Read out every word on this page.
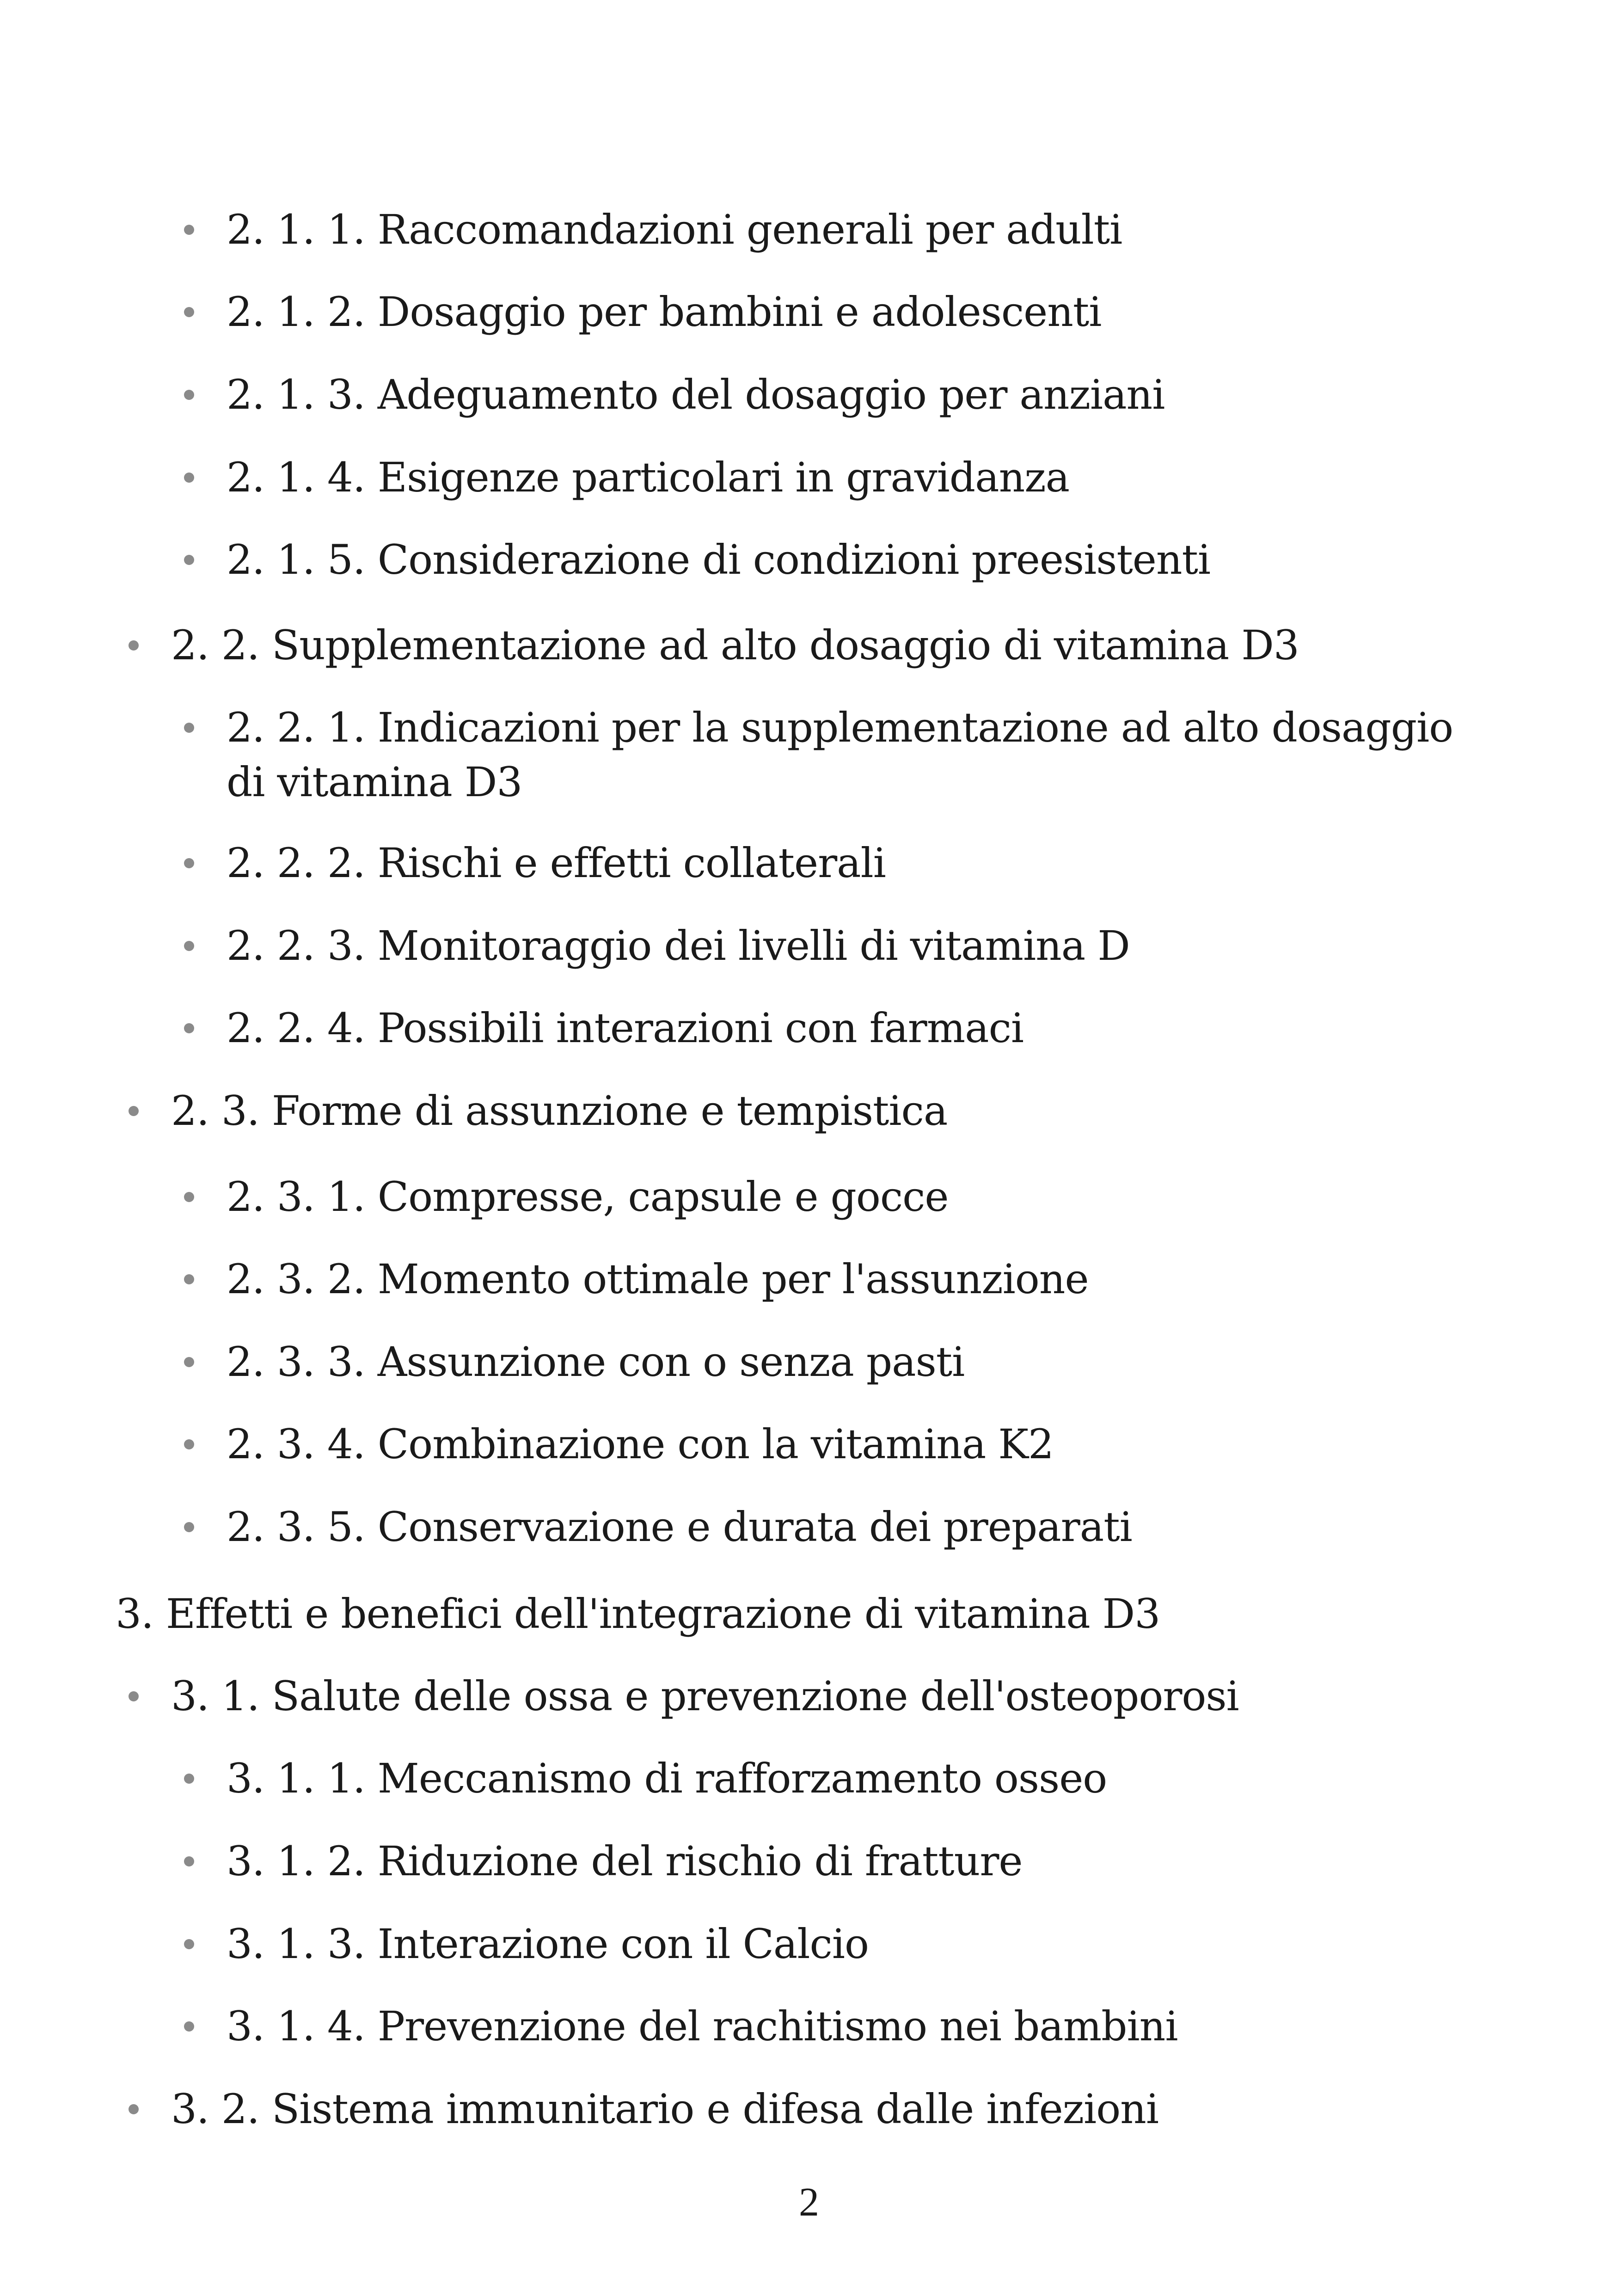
2. 1. 1. Raccomandazioni generali per adulti
2. 1. 2. Dosaggio per bambini e adolescenti
2. 1. 3. Adeguamento del dosaggio per anziani
2. 1. 4. Esigenze particolari in gravidanza
2. 1. 5. Considerazione di condizioni preesistenti
2. 2. Supplementazione ad alto dosaggio di vitamina D3
2. 2. 1. Indicazioni per la supplementazione ad alto dosaggio di vitamina D3
2. 2. 2. Rischi e effetti collaterali
2. 2. 3. Monitoraggio dei livelli di vitamina D
2. 2. 4. Possibili interazioni con farmaci
2. 3. Forme di assunzione e tempistica
2. 3. 1. Compresse, capsule e gocce
2. 3. 2. Momento ottimale per l'assunzione
2. 3. 3. Assunzione con o senza pasti
2. 3. 4. Combinazione con la vitamina K2
2. 3. 5. Conservazione e durata dei preparati
3. Effetti e benefici dell'integrazione di vitamina D3
3. 1. Salute delle ossa e prevenzione dell'osteoporosi
3. 1. 1. Meccanismo di rafforzamento osseo
3. 1. 2. Riduzione del rischio di fratture
3. 1. 3. Interazione con il Calcio
3. 1. 4. Prevenzione del rachitismo nei bambini
3. 2. Sistema immunitario e difesa dalle infezioni
2
